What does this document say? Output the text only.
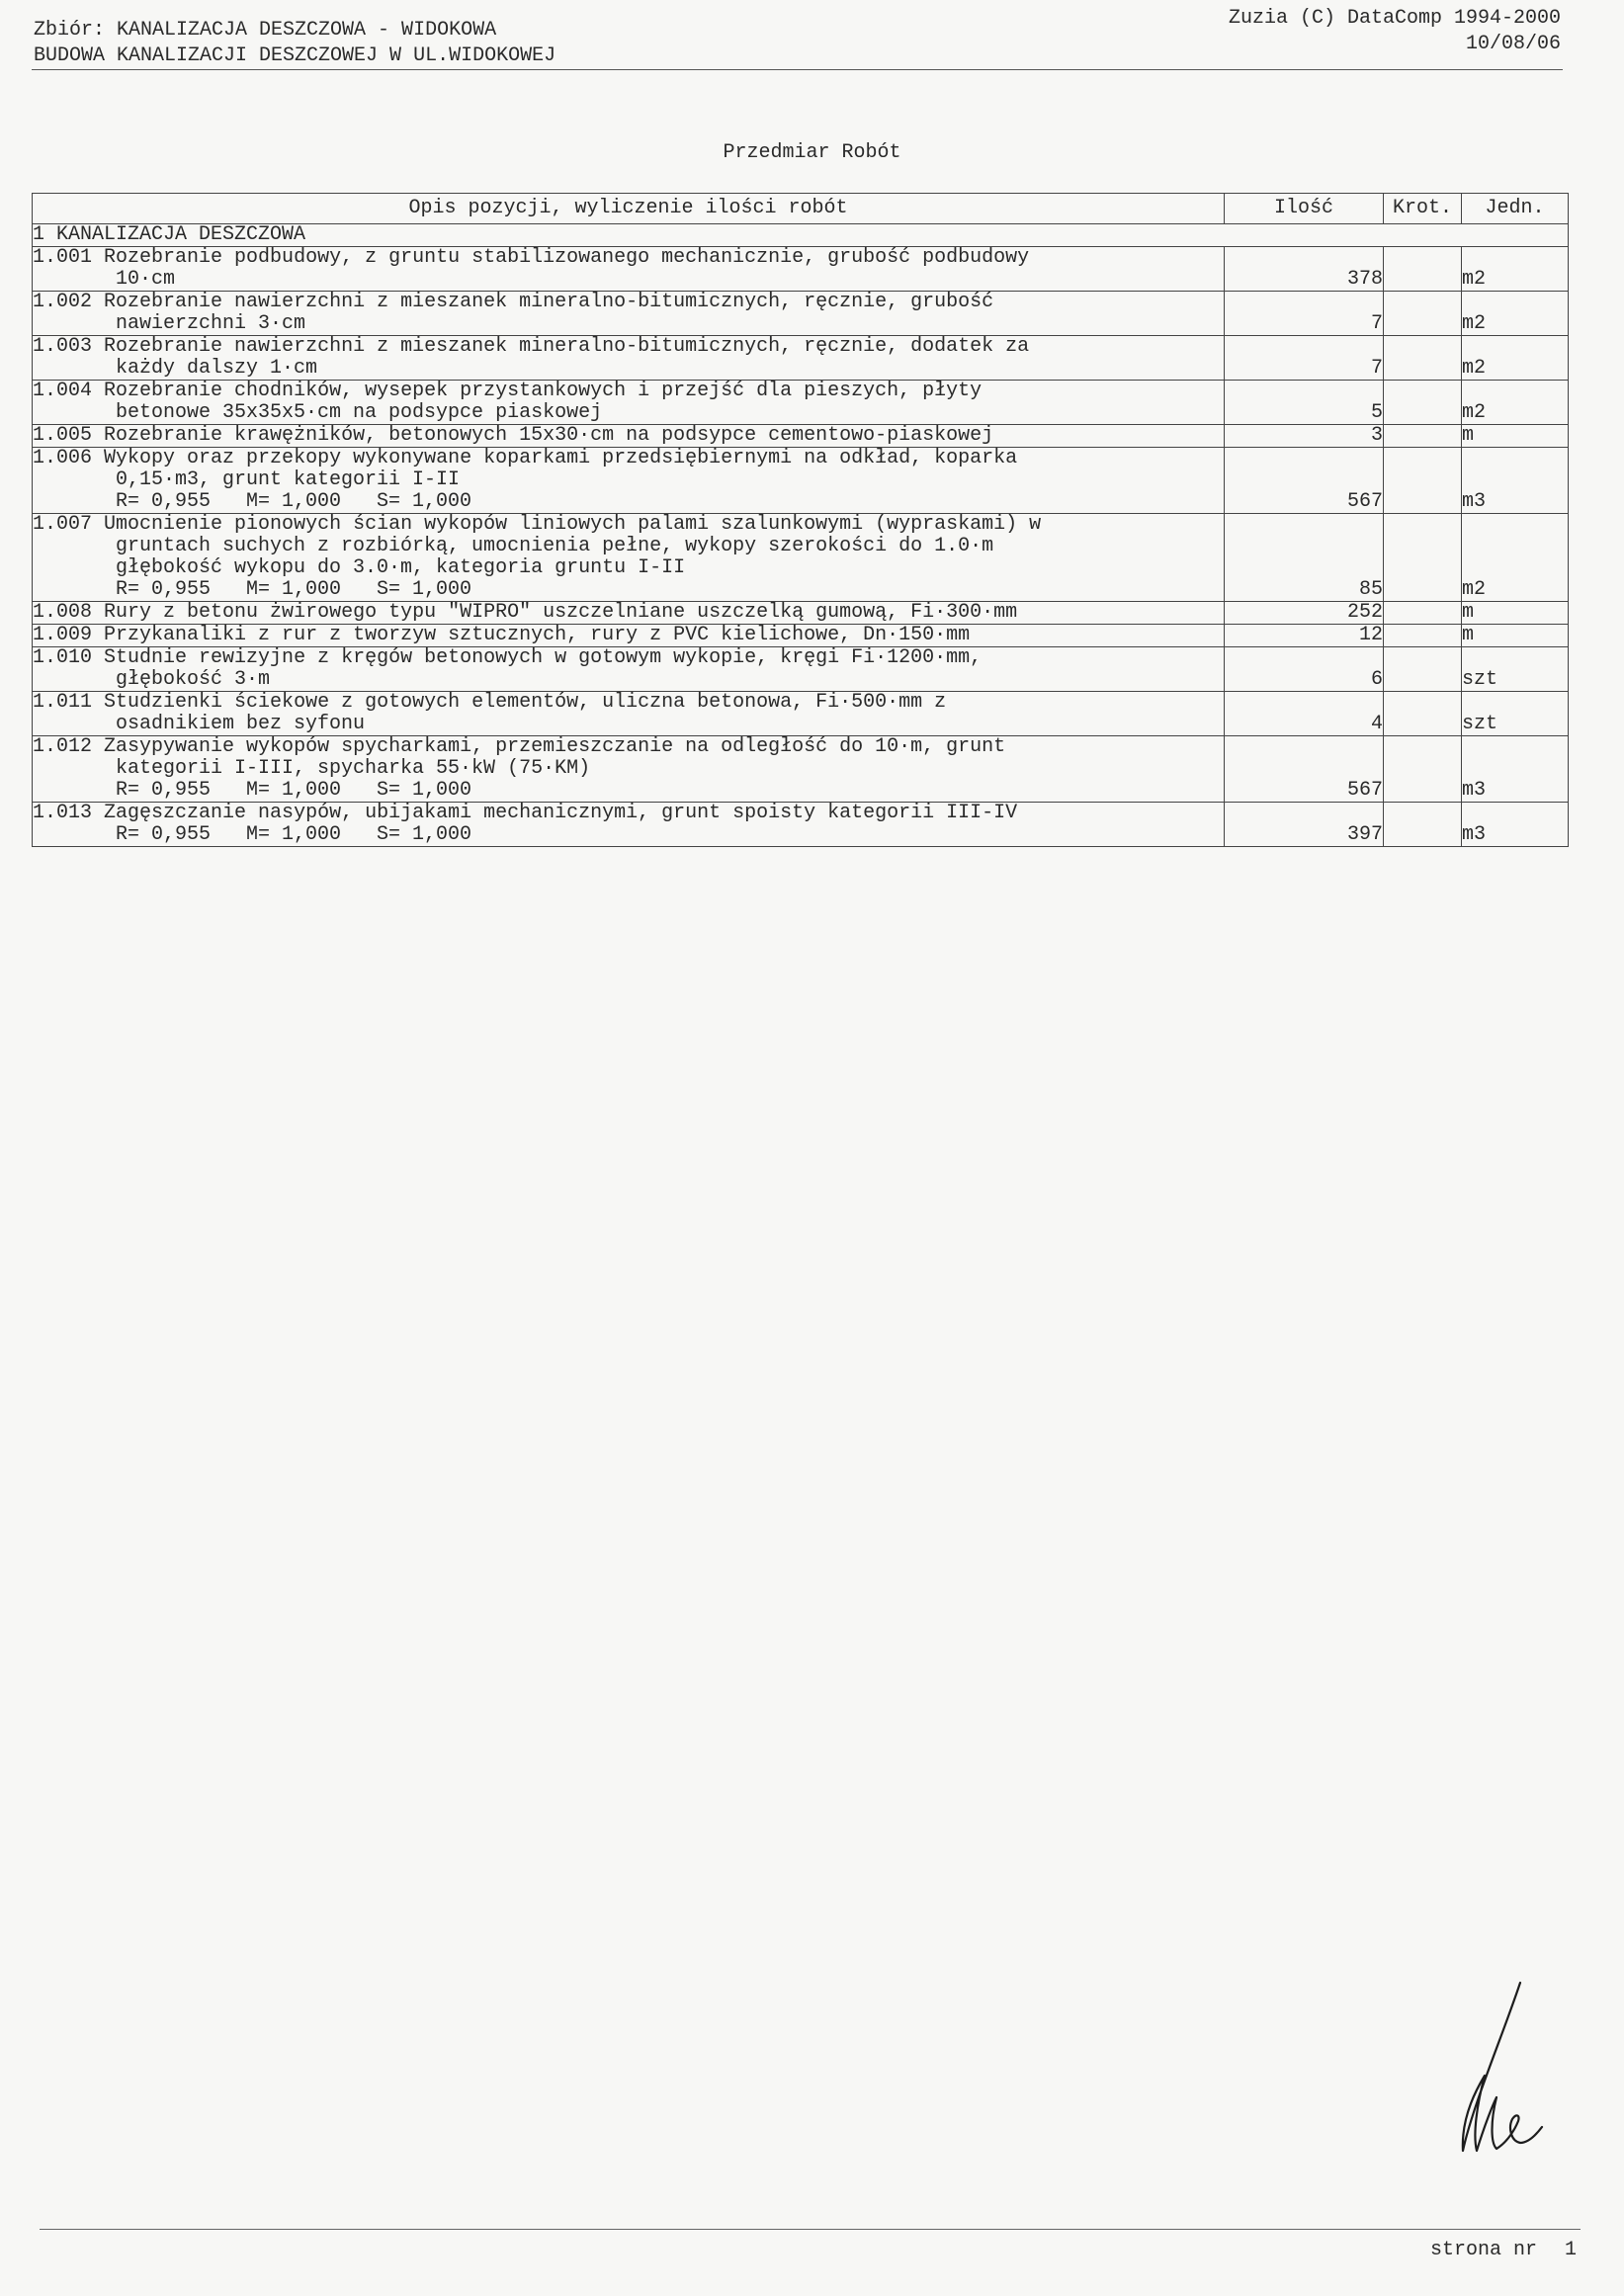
Zbiór: KANALIZACJA DESZCZOWA - WIDOKOWA
BUDOWA KANALIZACJI DESZCZOWEJ W UL.WIDOKOWEJ
Zuzia (C) DataComp 1994-2000
10/08/06
Przedmiar Robót
Opis pozycji, wyliczenie ilości robót	Ilość	Krot.	Jedn.
1 KANALIZACJA DESZCZOWA			

1.001 Rozebranie podbudowy, z gruntu stabilizowanego mechanicznie, grubość podbudowy
10·cm	378		m2

1.002 Rozebranie nawierzchni z mieszanek mineralno-bitumicznych, ręcznie, grubość
nawierzchni 3·cm	7		m2

1.003 Rozebranie nawierzchni z mieszanek mineralno-bitumicznych, ręcznie, dodatek za
każdy dalszy 1·cm	7		m2

1.004 Rozebranie chodników, wysepek przystankowych i przejść dla pieszych, płyty
betonowe 35x35x5·cm na podsypce piaskowej	5		m2

1.005 Rozebranie krawężników, betonowych 15x30·cm na podsypce cementowo-piaskowej	3		m

1.006 Wykopy oraz przekopy wykonywane koparkami przedsiębiernymi na odkład, koparka
0,15·m3, grunt kategorii I-II
R= 0,955   M= 1,000   S= 1,000	567		m3

1.007 Umocnienie pionowych ścian wykopów liniowych palami szalunkowymi (wypraskami) w
gruntach suchych z rozbiórką, umocnienia pełne, wykopy szerokości do 1.0·m
głębokość wykopu do 3.0·m, kategoria gruntu I-II
R= 0,955   M= 1,000   S= 1,000	85		m2

1.008 Rury z betonu żwirowego typu "WIPRO" uszczelniane uszczelką gumową, Fi·300·mm	252		m

1.009 Przykanaliki z rur z tworzyw sztucznych, rury z PVC kielichowe, Dn·150·mm	12		m

1.010 Studnie rewizyjne z kręgów betonowych w gotowym wykopie, kręgi Fi·1200·mm,
głębokość 3·m	6		szt

1.011 Studzienki ściekowe z gotowych elementów, uliczna betonowa, Fi·500·mm z
osadnikiem bez syfonu	4		szt

1.012 Zasypywanie wykopów spycharkami, przemieszczanie na odległość do 10·m, grunt
kategorii I-III, spycharka 55·kW (75·KM)
R= 0,955   M= 1,000   S= 1,000	567		m3

1.013 Zagęszczanie nasypów, ubijakami mechanicznymi, grunt spoisty kategorii III-IV
R= 0,955   M= 1,000   S= 1,000	397		m3
strona nr 1
